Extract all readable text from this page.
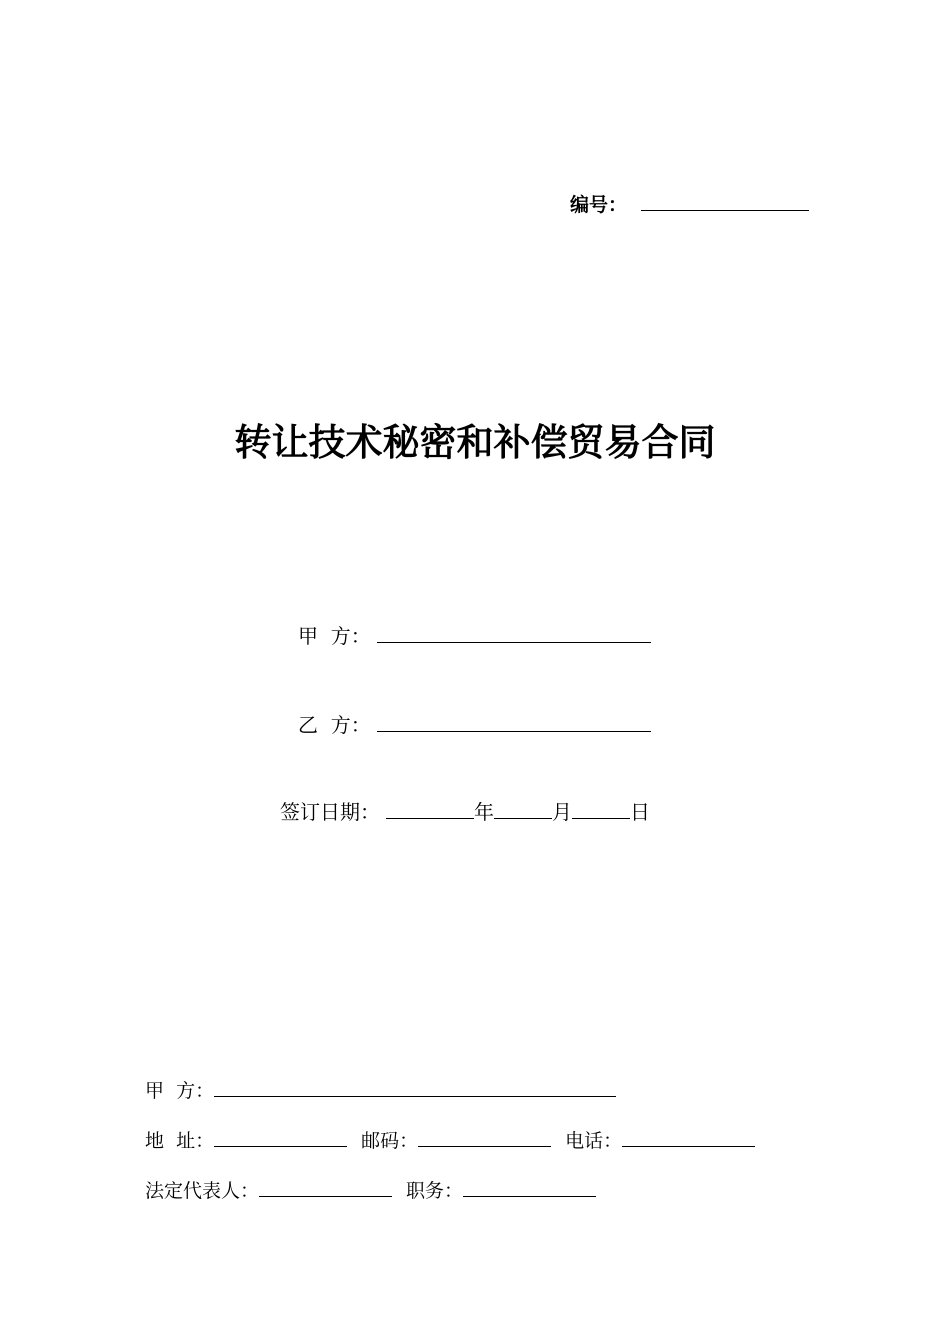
编号：
转让技术秘密和补偿贸易合同
甲  方：
乙  方：
签订日期：	年	月	日
甲  方：
地  址：	邮码：	电话：
法定代表人：	职务：
